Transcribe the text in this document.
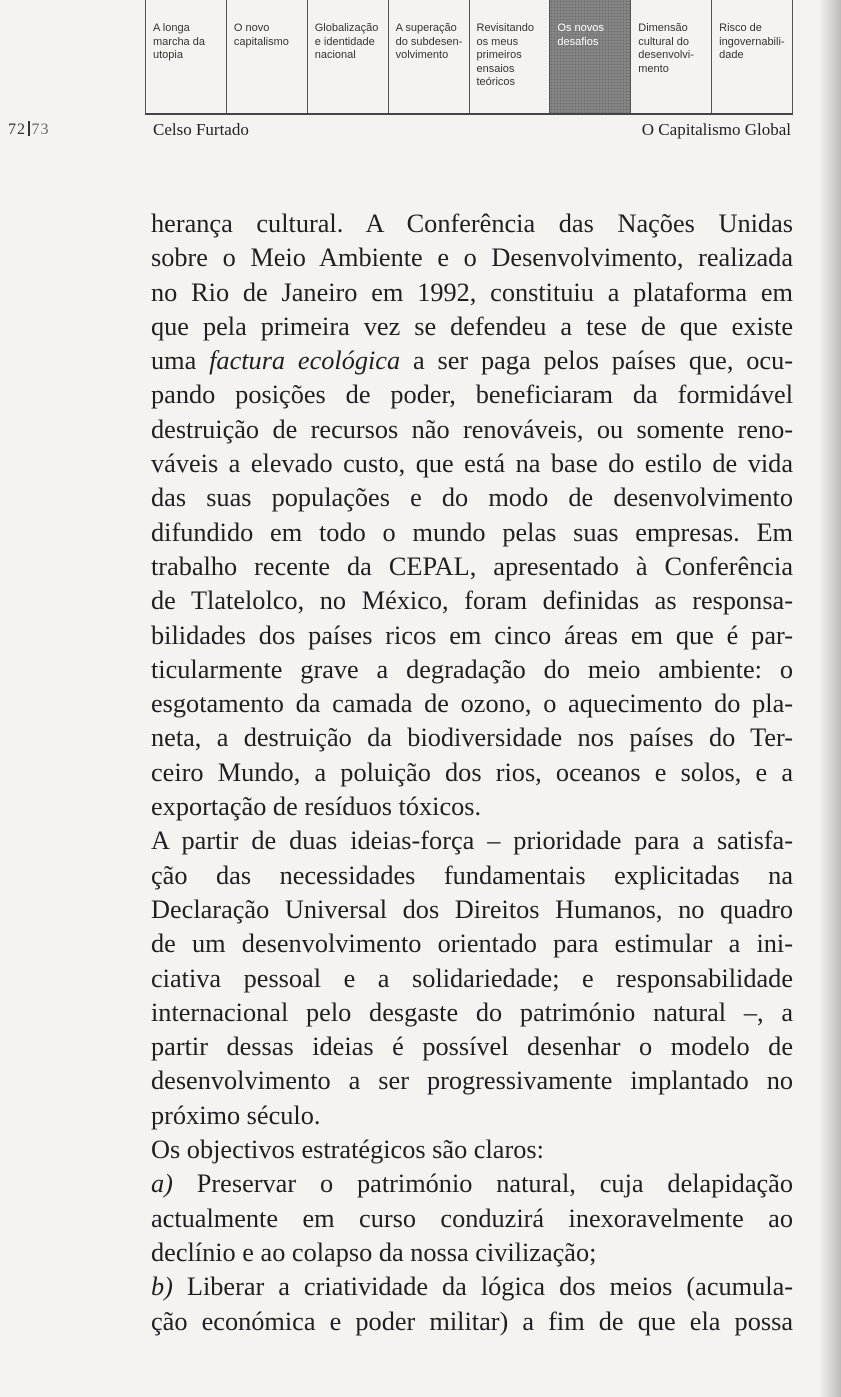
A longa
marcha da
utopia
O novo
capitalismo
Globalização
e identidade
nacional
A superação
do subdesen-
volvimento
Revisitando
os meus
primeiros
ensaios
teóricos
Os novos
desafios
Dimensão
cultural do
desenvolvi-
mento
Risco de
ingovernabili-
dade
72 73	Celso Furtado	O Capitalismo Global
herança cultural. A Conferência das Nações Unidas
sobre o Meio Ambiente e o Desenvolvimento, realizada
no Rio de Janeiro em 1992, constituiu a plataforma em
que pela primeira vez se defendeu a tese de que existe
uma factura ecológica a ser paga pelos países que, ocu-
pando posições de poder, beneficiaram da formidável
destruição de recursos não renováveis, ou somente reno-
váveis a elevado custo, que está na base do estilo de vida
das suas populações e do modo de desenvolvimento
difundido em todo o mundo pelas suas empresas. Em
trabalho recente da CEPAL, apresentado à Conferência
de Tlatelolco, no México, foram definidas as responsa-
bilidades dos países ricos em cinco áreas em que é par-
ticularmente grave a degradação do meio ambiente: o
esgotamento da camada de ozono, o aquecimento do pla-
neta, a destruição da biodiversidade nos países do Ter-
ceiro Mundo, a poluição dos rios, oceanos e solos, e a
exportação de resíduos tóxicos.
A partir de duas ideias-força – prioridade para a satisfa-
ção das necessidades fundamentais explicitadas na
Declaração Universal dos Direitos Humanos, no quadro
de um desenvolvimento orientado para estimular a ini-
ciativa pessoal e a solidariedade; e responsabilidade
internacional pelo desgaste do património natural –, a
partir dessas ideias é possível desenhar o modelo de
desenvolvimento a ser progressivamente implantado no
próximo século.
Os objectivos estratégicos são claros:
a) Preservar o património natural, cuja delapidação
actualmente em curso conduzirá inexoravelmente ao
declínio e ao colapso da nossa civilização;
b) Liberar a criatividade da lógica dos meios (acumula-
ção económica e poder militar) a fim de que ela possa
